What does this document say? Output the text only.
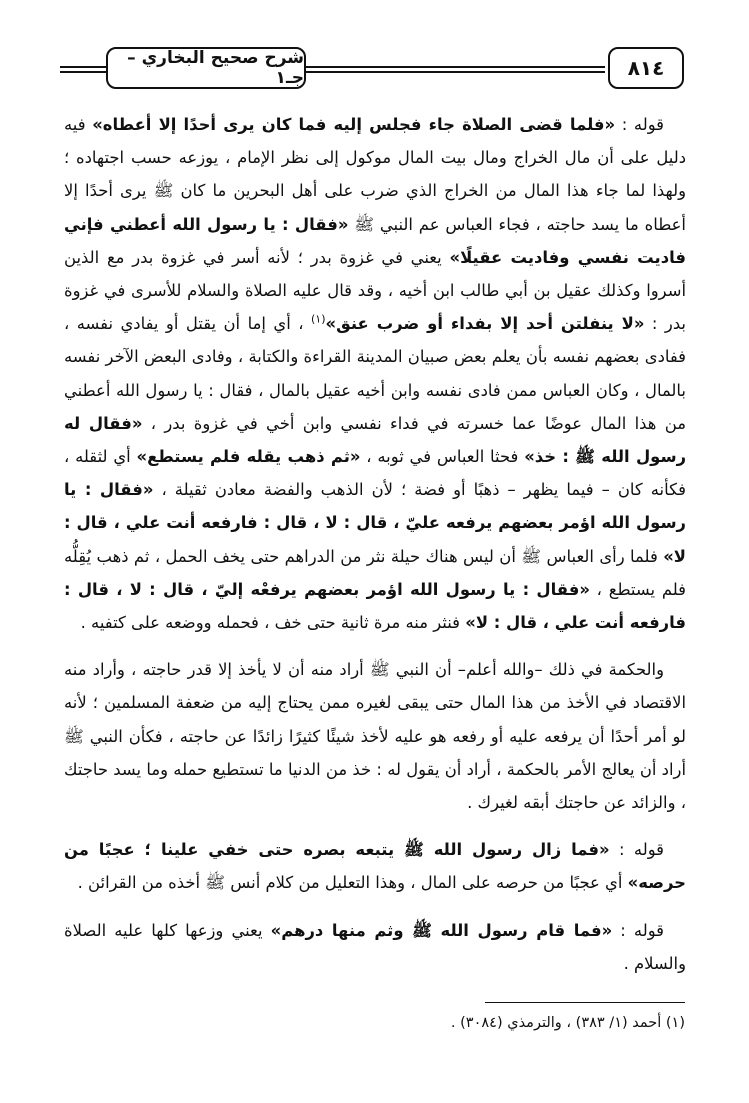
شرح صحيح البخاري – جـ١	٨١٤

قوله : «فلما قضى الصلاة جاء فجلس إليه فما كان يرى أحدًا إلا أعطاه» فيه دليل على أن مال الخراج ومال بيت المال موكول إلى نظر الإمام ، يوزعه حسب اجتهاده ؛ ولهذا لما جاء هذا المال من الخراج الذي ضرب على أهل البحرين ما كان ﷺ يرى أحدًا إلا أعطاه ما يسد حاجته ، فجاء العباس عم النبي ﷺ «فقال : يا رسول الله أعطني فإني فاديت نفسي وفاديت عقيلًا» يعني في غزوة بدر ؛ لأنه أسر في غزوة بدر مع الذين أسروا وكذلك عقيل بن أبي طالب ابن أخيه ، وقد قال عليه الصلاة والسلام للأسرى في غزوة بدر : «لا ينفلتن أحد إلا بفداء أو ضرب عنق»$^{(١)}$ ، أي إما أن يقتل أو يفادي نفسه ، ففادى بعضهم نفسه بأن يعلم بعض صبيان المدينة القراءة والكتابة ، وفادى البعض الآخر نفسه بالمال ، وكان العباس ممن فادى نفسه وابن أخيه عقيل بالمال ، فقال : يا رسول الله أعطني من هذا المال عوضًا عما خسرته في فداء نفسي وابن أخي في غزوة بدر ، «فقال له رسول الله ﷺ : خذ» فحثا العباس في ثوبه ، «ثم ذهب يقله فلم يستطع» أي لثقله ، فكأنه كان – فيما يظهر – ذهبًا أو فضة ؛ لأن الذهب والفضة معادن ثقيلة ، «فقال : يا رسول الله اؤمر بعضهم يرفعه عليّ ، قال : لا ، قال : فارفعه أنت علي ، قال : لا» فلما رأى العباس ﷺ أن ليس هناك حيلة نثر من الدراهم حتى يخف الحمل ، ثم ذهب يُقِلُّه فلم يستطع ، «فقال : يا رسول الله اؤمر بعضهم يرفعْه إليّ ، قال : لا ، قال : فارفعه أنت علي ، قال : لا» فنثر منه مرة ثانية حتى خف ، فحمله ووضعه على كتفيه .

والحكمة في ذلك –والله أعلم– أن النبي ﷺ أراد منه أن لا يأخذ إلا قدر حاجته ، وأراد منه الاقتصاد في الأخذ من هذا المال حتى يبقى لغيره ممن يحتاج إليه من ضعفة المسلمين ؛ لأنه لو أمر أحدًا أن يرفعه عليه أو رفعه هو عليه لأخذ شيئًا كثيرًا زائدًا عن حاجته ، فكأن النبي ﷺ أراد أن يعالج الأمر بالحكمة ، أراد أن يقول له : خذ من الدنيا ما تستطيع حمله وما يسد حاجتك ، والزائد عن حاجتك أبقه لغيرك .

قوله : «فما زال رسول الله ﷺ يتبعه بصره حتى خفي علينا ؛ عجبًا من حرصه» أي عجبًا من حرصه على المال ، وهذا التعليل من كلام أنس ﷺ أخذه من القرائن .

قوله : «فما قام رسول الله ﷺ وثم منها درهم» يعني وزعها كلها عليه الصلاة والسلام .

(١) أحمد (١/ ٣٨٣) ، والترمذي (٣٠٨٤) .
